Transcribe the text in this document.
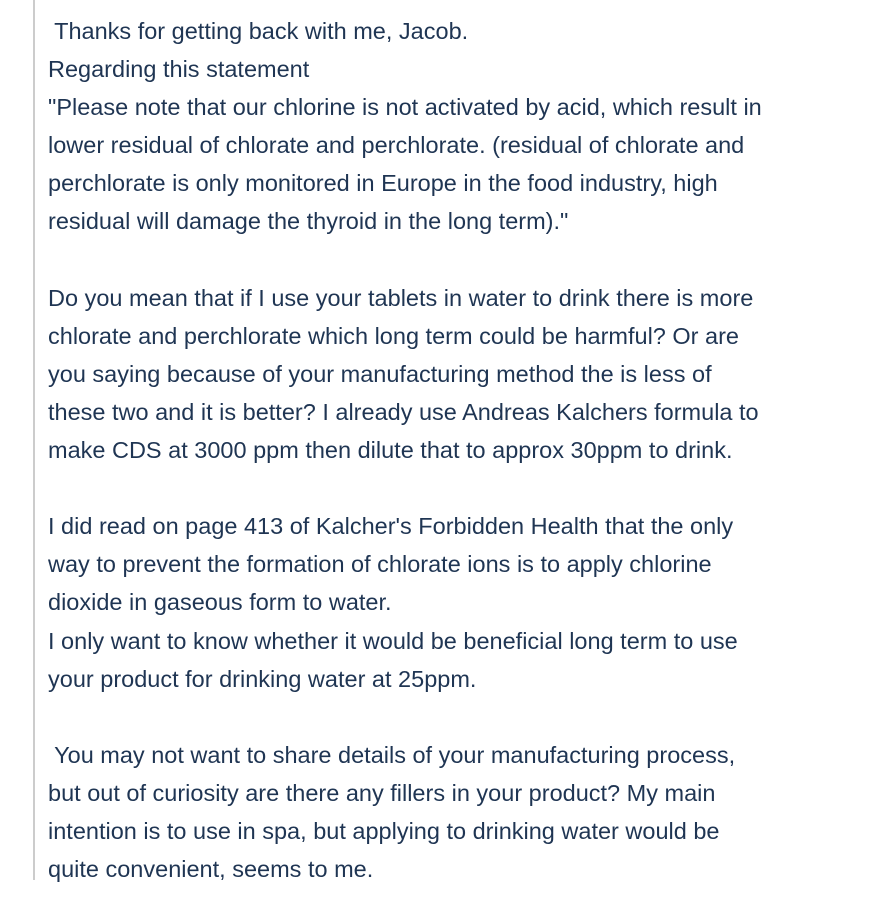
Thanks for getting back with me, Jacob.
Regarding this statement
"Please note that our chlorine is not activated by acid, which result in
lower residual of chlorate and perchlorate. (residual of chlorate and
perchlorate is only monitored in Europe in the food industry, high
residual will damage the thyroid in the long term)."
Do you mean that if I use your tablets in water to drink there is more
chlorate and perchlorate which long term could be harmful? Or are
you saying because of your manufacturing method the is less of
these two and it is better? I already use Andreas Kalchers formula to
make CDS at 3000 ppm then dilute that to approx 30ppm to drink.
I did read on page 413 of Kalcher's Forbidden Health that the only
way to prevent the formation of chlorate ions is to apply chlorine
dioxide in gaseous form to water.
I only want to know whether it would be beneficial long term to use
your product for drinking water at 25ppm.
You may not want to share details of your manufacturing process,
but out of curiosity are there any fillers in your product? My main
intention is to use in spa, but applying to drinking water would be
quite convenient, seems to me.
